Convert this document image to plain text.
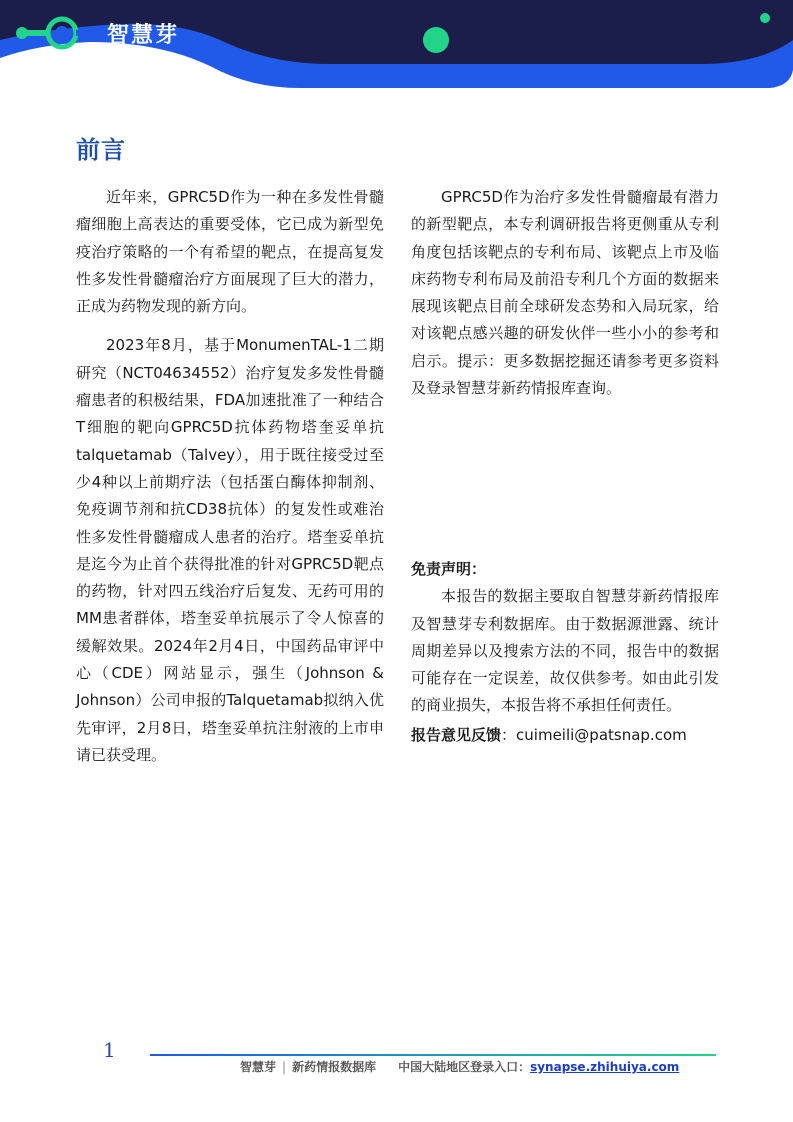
智慧芽
前言

近年来，GPRC5D作为一种在多发性骨髓瘤细胞上高表达的重要受体，它已成为新型免疫治疗策略的一个有希望的靶点，在提高复发性多发性骨髓瘤治疗方面展现了巨大的潜力，正成为药物发现的新方向。

2023年8月，基于MonumenTAL-1二期研究（NCT04634552）治疗复发多发性骨髓瘤患者的积极结果，FDA加速批准了一种结合T细胞的靶向GPRC5D抗体药物塔奎妥单抗talquetamab（Talvey），用于既往接受过至少4种以上前期疗法（包括蛋白酶体抑制剂、免疫调节剂和抗CD38抗体）的复发性或难治性多发性骨髓瘤成人患者的治疗。塔奎妥单抗是迄今为止首个获得批准的针对GPRC5D靶点的药物，针对四五线治疗后复发、无药可用的MM患者群体，塔奎妥单抗展示了令人惊喜的缓解效果。2024年2月4日，中国药品审评中心（CDE）网站显示，强生（Johnson & Johnson）公司申报的Talquetamab拟纳入优先审评，2月8日，塔奎妥单抗注射液的上市申请已获受理。

GPRC5D作为治疗多发性骨髓瘤最有潜力的新型靶点，本专利调研报告将更侧重从专利角度包括该靶点的专利布局、该靶点上市及临床药物专利布局及前沿专利几个方面的数据来展现该靶点目前全球研发态势和入局玩家，给对该靶点感兴趣的研发伙伴一些小小的参考和启示。提示：更多数据挖掘还请参考更多资料及登录智慧芽新药情报库查询。

免责声明：

本报告的数据主要取自智慧芽新药情报库及智慧芽专利数据库。由于数据源泄露、统计周期差异以及搜索方法的不同，报告中的数据可能存在一定误差，故仅供参考。如由此引发的商业损失，本报告将不承担任何责任。

报告意见反馈：cuimeili@patsnap.com
1
智慧芽 | 新药情报数据库 中国大陆地区登录入口：synapse.zhihuiya.com
